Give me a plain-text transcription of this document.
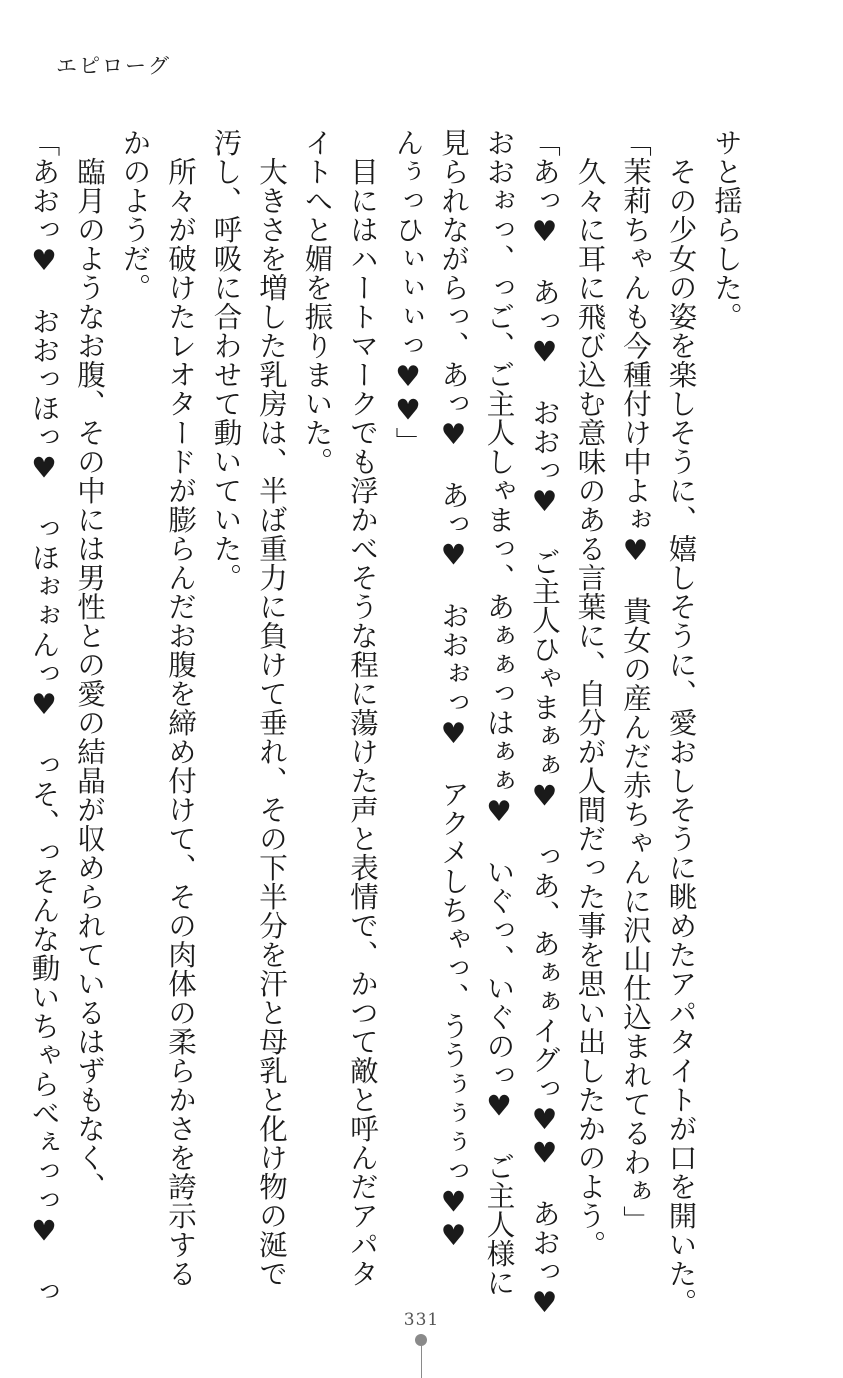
エピローグ

サと揺らした。

その少女の姿を楽しそうに、嬉しそうに、愛おしそうに眺めたアパタイトが口を開いた。

「茉莉ちゃんも今種付け中よぉ♥　貴女の産んだ赤ちゃんに沢山仕込まれてるわぁ」

久々に耳に飛び込む意味のある言葉に、自分が人間だった事を思い出したかのよう。

「あっ♥　あっ♥　おおっ♥　ご主人ひゃまぁぁ♥　っあ、あぁぁイグっ♥♥　あおっ♥

おおぉっ、っご、ご主人しゃまっ、あぁぁっはぁぁ♥　いぐっ、いぐのっ♥　ご主人様に

見られながらっ、あっ♥　あっ♥　おおぉっ♥　アクメしちゃっ、ううぅぅぅっ♥♥

んぅっひぃぃぃっ♥♥」

目にはハートマークでも浮かべそうな程に蕩けた声と表情で、かつて敵と呼んだアパタ

イトへと媚を振りまいた。

大きさを増した乳房は、半ば重力に負けて垂れ、その下半分を汗と母乳と化け物の涎で

汚し、呼吸に合わせて動いていた。

所々が破けたレオタードが膨らんだお腹を締め付けて、その肉体の柔らかさを誇示する

かのようだ。

臨月のようなお腹、その中には男性との愛の結晶が収められているはずもなく、

「あおっ♥　おおっほっ♥　っほぉぉんっ♥　っそ、っそんな動いちゃらべぇっっ♥　っ

331
